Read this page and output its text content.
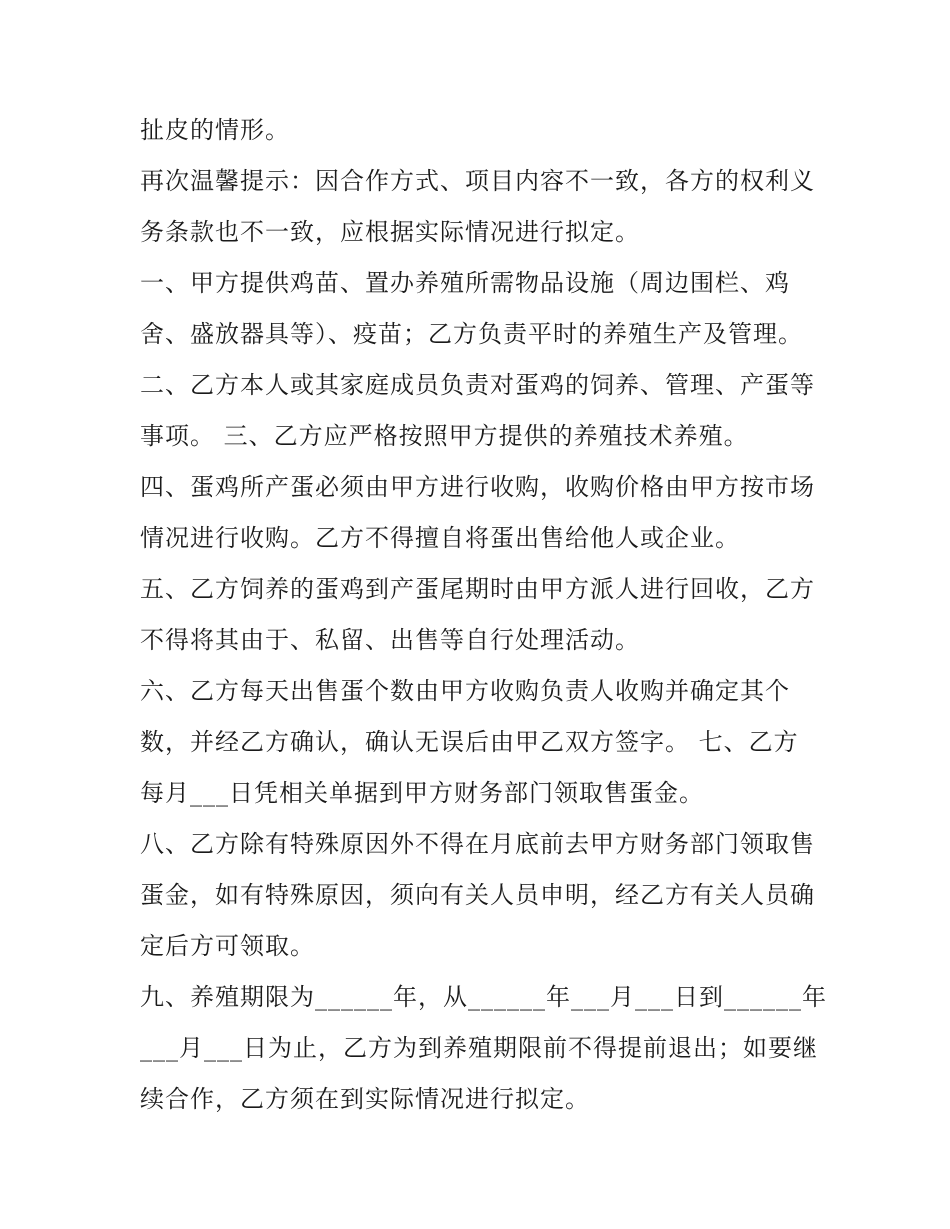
扯皮的情形。
再次温馨提示：因合作方式、项目内容不一致，各方的权利义
务条款也不一致，应根据实际情况进行拟定。
一、甲方提供鸡苗、置办养殖所需物品设施（周边围栏、鸡
舍、盛放器具等）、疫苗；乙方负责平时的养殖生产及管理。
二、乙方本人或其家庭成员负责对蛋鸡的饲养、管理、产蛋等
事项。 三、乙方应严格按照甲方提供的养殖技术养殖。
四、蛋鸡所产蛋必须由甲方进行收购，收购价格由甲方按市场
情况进行收购。乙方不得擅自将蛋出售给他人或企业。
五、乙方饲养的蛋鸡到产蛋尾期时由甲方派人进行回收，乙方
不得将其由于、私留、出售等自行处理活动。
六、乙方每天出售蛋个数由甲方收购负责人收购并确定其个
数，并经乙方确认，确认无误后由甲乙双方签字。 七、乙方
每月___日凭相关单据到甲方财务部门领取售蛋金。
八、乙方除有特殊原因外不得在月底前去甲方财务部门领取售
蛋金，如有特殊原因，须向有关人员申明，经乙方有关人员确
定后方可领取。
九、养殖期限为______年，从______年___月___日到______年
___月___日为止，乙方为到养殖期限前不得提前退出；如要继
续合作，乙方须在到实际情况进行拟定。
